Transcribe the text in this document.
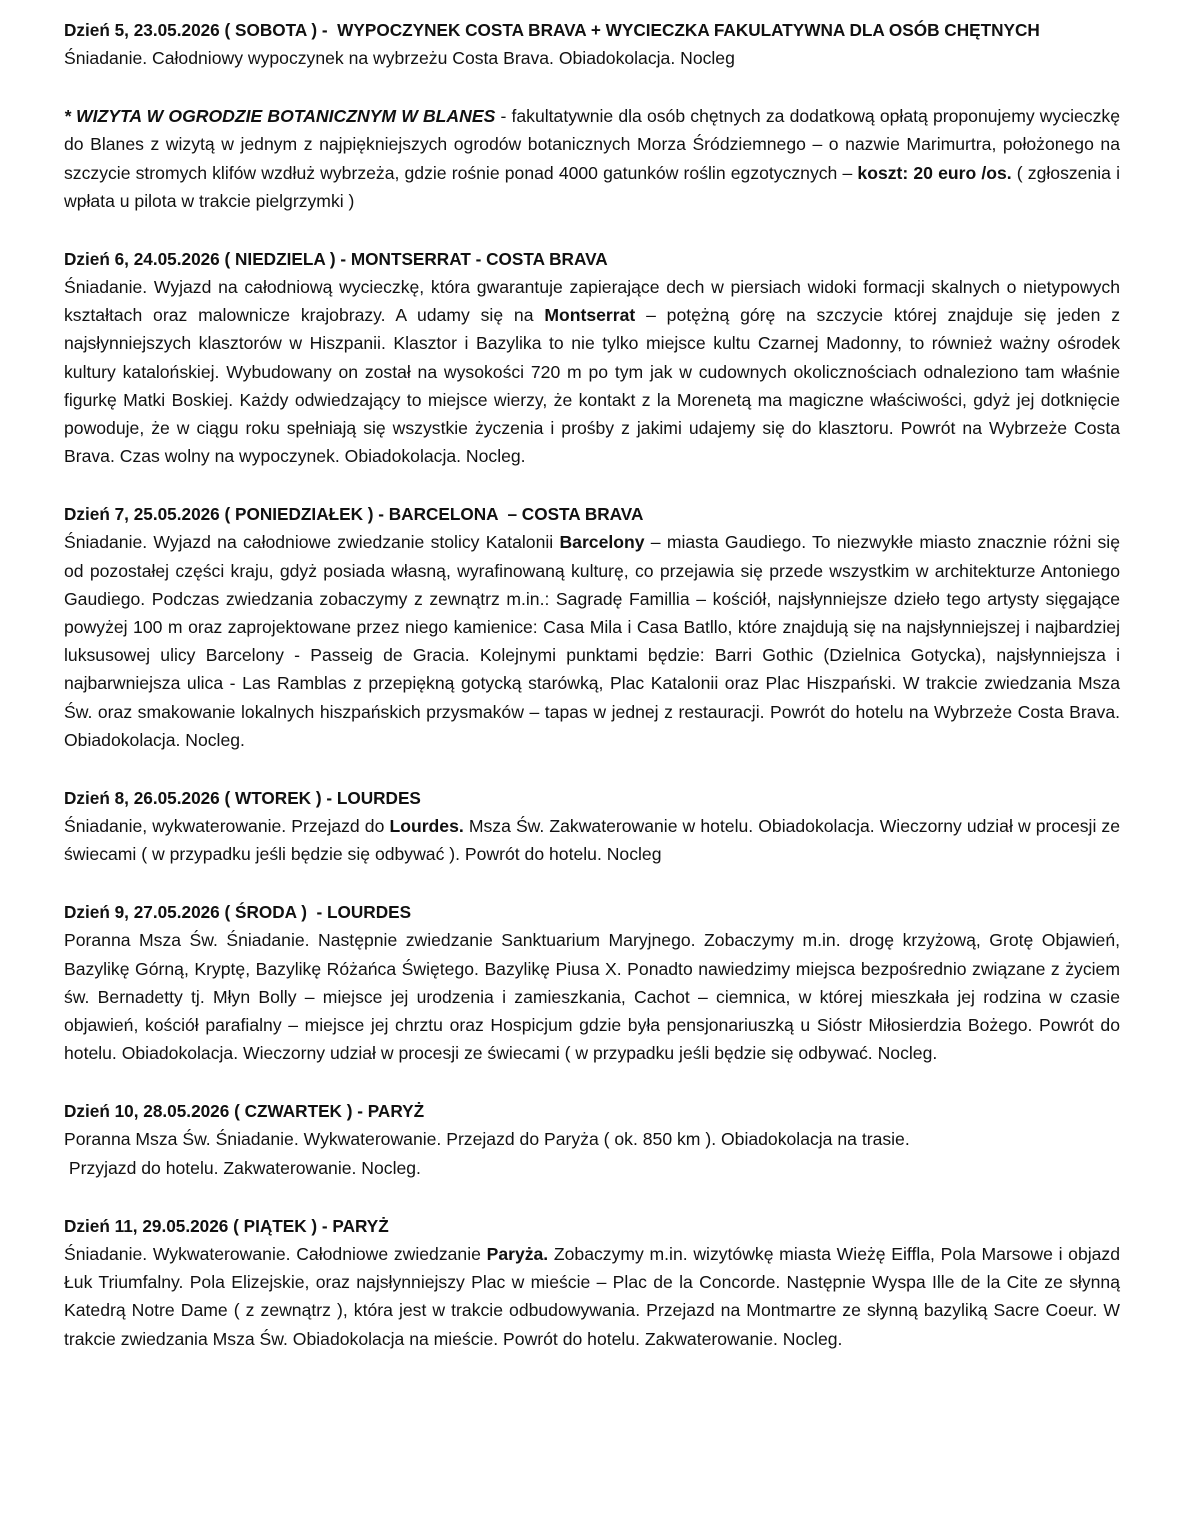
Dzień 5, 23.05.2026 ( SOBOTA ) -  WYPOCZYNEK COSTA BRAVA + WYCIECZKA FAKULATYWNA DLA OSÓB CHĘTNYCH

Śniadanie. Całodniowy wypoczynek na wybrzeżu Costa Brava. Obiadokolacja. Nocleg

* WIZYTA W OGRODZIE BOTANICZNYM W BLANES - fakultatywnie dla osób chętnych za dodatkową opłatą proponujemy wycieczkę do Blanes z wizytą w jednym z najpiękniejszych ogrodów botanicznych Morza Śródziemnego – o nazwie Marimurtra, położonego na szczycie stromych klifów wzdłuż wybrzeża, gdzie rośnie ponad 4000 gatunków roślin egzotycznych – koszt: 20 euro /os. ( zgłoszenia i wpłata u pilota w trakcie pielgrzymki )

Dzień 6, 24.05.2026 ( NIEDZIELA ) - MONTSERRAT - COSTA BRAVA

Śniadanie. Wyjazd na całodniową wycieczkę, która gwarantuje zapierające dech w piersiach widoki formacji skalnych o nietypowych kształtach oraz malownicze krajobrazy. A udamy się na Montserrat – potężną górę na szczycie której znajduje się jeden z najsłynniejszych klasztorów w Hiszpanii. Klasztor i Bazylika to nie tylko miejsce kultu Czarnej Madonny, to również ważny ośrodek kultury katalońskiej. Wybudowany on został na wysokości 720 m po tym jak w cudownych okolicznościach odnaleziono tam właśnie figurkę Matki Boskiej. Każdy odwiedzający to miejsce wierzy, że kontakt z la Morenetą ma magiczne właściwości, gdyż jej dotknięcie powoduje, że w ciągu roku spełniają się wszystkie życzenia i prośby z jakimi udajemy się do klasztoru. Powrót na Wybrzeże Costa Brava. Czas wolny na wypoczynek. Obiadokolacja. Nocleg.

Dzień 7, 25.05.2026 ( PONIEDZIAŁEK ) - BARCELONA  – COSTA BRAVA

Śniadanie. Wyjazd na całodniowe zwiedzanie stolicy Katalonii Barcelony – miasta Gaudiego. To niezwykłe miasto znacznie różni się od pozostałej części kraju, gdyż posiada własną, wyrafinowaną kulturę, co przejawia się przede wszystkim w architekturze Antoniego Gaudiego. Podczas zwiedzania zobaczymy z zewnątrz m.in.: Sagradę Famillia – kościół, najsłynniejsze dzieło tego artysty sięgające powyżej 100 m oraz zaprojektowane przez niego kamienice: Casa Mila i Casa Batllo, które znajdują się na najsłynniejszej i najbardziej luksusowej ulicy Barcelony - Passeig de Gracia. Kolejnymi punktami będzie: Barri Gothic (Dzielnica Gotycka), najsłynniejsza i najbarwniejsza ulica - Las Ramblas z przepiękną gotycką starówką, Plac Katalonii oraz Plac Hiszpański. W trakcie zwiedzania Msza Św. oraz smakowanie lokalnych hiszpańskich przysmaków – tapas w jednej z restauracji. Powrót do hotelu na Wybrzeże Costa Brava. Obiadokolacja. Nocleg.

Dzień 8, 26.05.2026 ( WTOREK ) - LOURDES

Śniadanie, wykwaterowanie. Przejazd do Lourdes. Msza Św. Zakwaterowanie w hotelu. Obiadokolacja. Wieczorny udział w procesji ze świecami ( w przypadku jeśli będzie się odbywać ). Powrót do hotelu. Nocleg

Dzień 9, 27.05.2026 ( ŚRODA )  - LOURDES

Poranna Msza Św. Śniadanie. Następnie zwiedzanie Sanktuarium Maryjnego. Zobaczymy m.in. drogę krzyżową, Grotę Objawień, Bazylikę Górną, Kryptę, Bazylikę Różańca Świętego. Bazylikę Piusa X. Ponadto nawiedzimy miejsca bezpośrednio związane z życiem św. Bernadetty tj. Młyn Bolly – miejsce jej urodzenia i zamieszkania, Cachot – ciemnica, w której mieszkała jej rodzina w czasie objawień, kościół parafialny – miejsce jej chrztu oraz Hospicjum gdzie była pensjonariuszką u Sióstr Miłosierdzia Bożego. Powrót do hotelu. Obiadokolacja. Wieczorny udział w procesji ze świecami ( w przypadku jeśli będzie się odbywać. Nocleg.

Dzień 10, 28.05.2026 ( CZWARTEK ) - PARYŻ

Poranna Msza Św. Śniadanie. Wykwaterowanie. Przejazd do Paryża ( ok. 850 km ). Obiadokolacja na trasie.

Przyjazd do hotelu. Zakwaterowanie. Nocleg.

Dzień 11, 29.05.2026 ( PIĄTEK ) - PARYŻ

Śniadanie. Wykwaterowanie. Całodniowe zwiedzanie Paryża. Zobaczymy m.in. wizytówkę miasta Wieżę Eiffla, Pola Marsowe i objazd Łuk Triumfalny. Pola Elizejskie, oraz najsłynniejszy Plac w mieście – Plac de la Concorde. Następnie Wyspa Ille de la Cite ze słynną Katedrą Notre Dame ( z zewnątrz ), która jest w trakcie odbudowywania. Przejazd na Montmartre ze słynną bazyliką Sacre Coeur. W trakcie zwiedzania Msza Św. Obiadokolacja na mieście. Powrót do hotelu. Zakwaterowanie. Nocleg.
